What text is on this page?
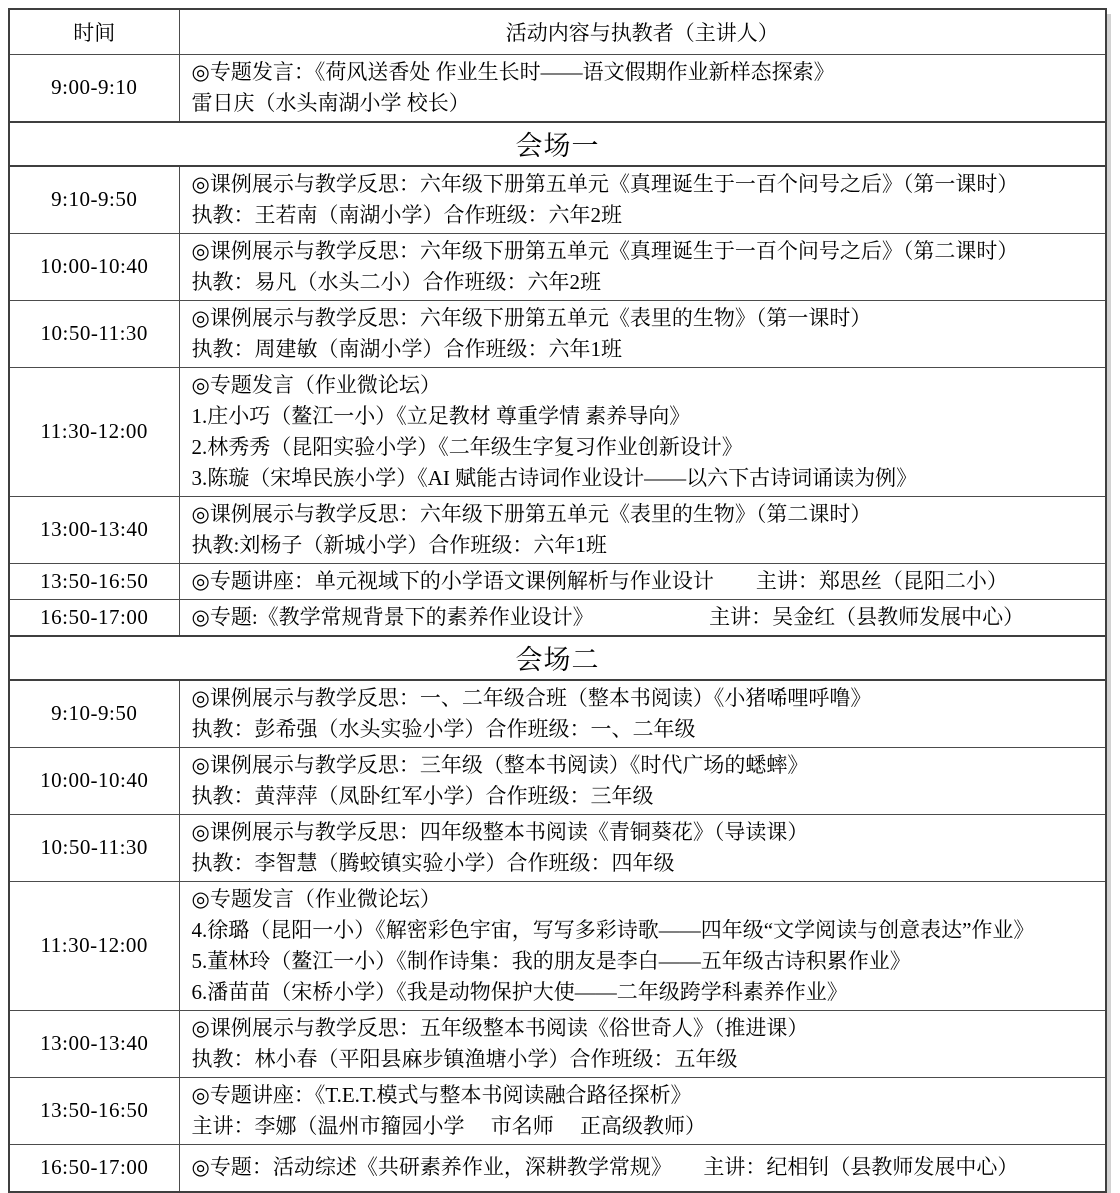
时间	活动内容与执教者（主讲人）
9:00-9:10	◎专题发言：《荷风送香处 作业生长时——语文假期作业新样态探索》
雷日庆（水头南湖小学 校长）

会场一	
9:10-9:50	◎课例展示与教学反思：六年级下册第五单元《真理诞生于一百个问号之后》（第一课时）
执教：王若南（南湖小学）合作班级：六年2班

10:00-10:40	◎课例展示与教学反思：六年级下册第五单元《真理诞生于一百个问号之后》（第二课时）
执教：易凡（水头二小）合作班级：六年2班

10:50-11:30	◎课例展示与教学反思：六年级下册第五单元《表里的生物》（第一课时）
执教：周建敏（南湖小学）合作班级：六年1班

11:30-12:00	◎专题发言（作业微论坛）
1.庄小巧（鳌江一小）《立足教材 尊重学情 素养导向》
2.林秀秀（昆阳实验小学）《二年级生字复习作业创新设计》
3.陈璇（宋埠民族小学）《AI 赋能古诗词作业设计——以六下古诗词诵读为例》

13:00-13:40	◎课例展示与教学反思：六年级下册第五单元《表里的生物》（第二课时）
执教:刘杨子（新城小学）合作班级：六年1班

13:50-16:50	◎专题讲座：单元视域下的小学语文课例解析与作业设计　　主讲：郑思丝（昆阳二小）

16:50-17:00	◎专题:《教学常规背景下的素养作业设计》　　　　　　主讲：吴金红（县教师发展中心）

会场二	
9:10-9:50	◎课例展示与教学反思：一、二年级合班（整本书阅读）《小猪唏哩呼噜》
执教：彭希强（水头实验小学）合作班级：一、二年级

10:00-10:40	◎课例展示与教学反思：三年级（整本书阅读）《时代广场的蟋蟀》
执教：黄萍萍（凤卧红军小学）合作班级：三年级

10:50-11:30	◎课例展示与教学反思：四年级整本书阅读《青铜葵花》（导读课）
执教：李智慧（腾蛟镇实验小学）合作班级：四年级

11:30-12:00	◎专题发言（作业微论坛）
4.徐璐（昆阳一小）《解密彩色宇宙，写写多彩诗歌——四年级“文学阅读与创意表达”作业》
5.董林玲（鳌江一小）《制作诗集：我的朋友是李白——五年级古诗积累作业》
6.潘苗苗（宋桥小学）《我是动物保护大使——二年级跨学科素养作业》

13:00-13:40	◎课例展示与教学反思：五年级整本书阅读《俗世奇人》（推进课）
执教：林小春（平阳县麻步镇渔塘小学）合作班级：五年级

13:50-16:50	◎专题讲座：《T.E.T.模式与整本书阅读融合路径探析》
主讲：李娜（温州市籀园小学　 市名师　 正高级教师）

16:50-17:00	◎专题：活动综述《共研素养作业，深耕教学常规》　　主讲：纪相钊（县教师发展中心）
